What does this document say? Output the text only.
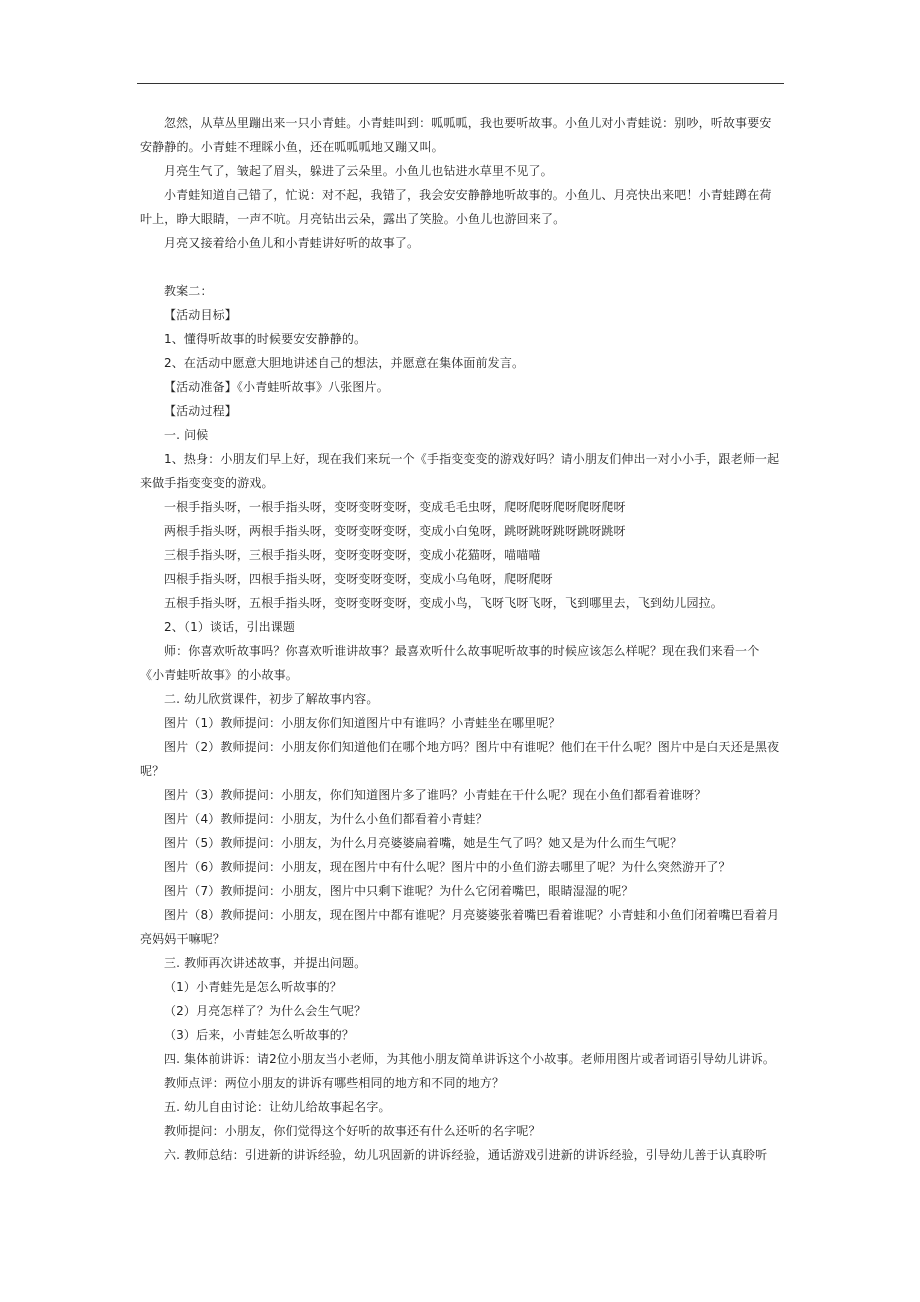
忽然，从草丛里蹦出来一只小青蛙。小青蛙叫到：呱呱呱，我也要听故事。小鱼儿对小青蛙说：别吵，听故事要安安静静的。小青蛙不理睬小鱼，还在呱呱呱地又蹦又叫。

月亮生气了，皱起了眉头，躲进了云朵里。小鱼儿也钻进水草里不见了。

小青蛙知道自己错了，忙说：对不起，我错了，我会安安静静地听故事的。小鱼儿、月亮快出来吧！小青蛙蹲在荷叶上，睁大眼睛，一声不吭。月亮钻出云朵，露出了笑脸。小鱼儿也游回来了。

月亮又接着给小鱼儿和小青蛙讲好听的故事了。

教案二：

【活动目标】

1、懂得听故事的时候要安安静静的。

2、在活动中愿意大胆地讲述自己的想法，并愿意在集体面前发言。

【活动准备】《小青蛙听故事》八张图片。

【活动过程】

一. 问候

1、热身：小朋友们早上好，现在我们来玩一个《手指变变变的游戏好吗？请小朋友们伸出一对小小手，跟老师一起来做手指变变变的游戏。

一根手指头呀，一根手指头呀，变呀变呀变呀，变成毛毛虫呀，爬呀爬呀爬呀爬呀爬呀

两根手指头呀，两根手指头呀，变呀变呀变呀，变成小白兔呀，跳呀跳呀跳呀跳呀跳呀

三根手指头呀，三根手指头呀，变呀变呀变呀，变成小花猫呀，喵喵喵

四根手指头呀，四根手指头呀，变呀变呀变呀，变成小乌龟呀，爬呀爬呀

五根手指头呀，五根手指头呀，变呀变呀变呀，变成小鸟，飞呀飞呀飞呀，飞到哪里去，飞到幼儿园拉。

2、（1）谈话，引出课题

师：你喜欢听故事吗？你喜欢听谁讲故事？最喜欢听什么故事呢听故事的时候应该怎么样呢？现在我们来看一个《小青蛙听故事》的小故事。

二. 幼儿欣赏课件，初步了解故事内容。

图片（1）教师提问：小朋友你们知道图片中有谁吗？小青蛙坐在哪里呢？

图片（2）教师提问：小朋友你们知道他们在哪个地方吗？图片中有谁呢？他们在干什么呢？图片中是白天还是黑夜呢？

图片（3）教师提问：小朋友，你们知道图片多了谁吗？小青蛙在干什么呢？现在小鱼们都看着谁呀？

图片（4）教师提问：小朋友，为什么小鱼们都看着小青蛙？

图片（5）教师提问：小朋友，为什么月亮婆婆扁着嘴，她是生气了吗？她又是为什么而生气呢？

图片（6）教师提问：小朋友，现在图片中有什么呢？图片中的小鱼们游去哪里了呢？为什么突然游开了？

图片（7）教师提问：小朋友，图片中只剩下谁呢？为什么它闭着嘴巴，眼睛湿湿的呢？

图片（8）教师提问：小朋友，现在图片中都有谁呢？月亮婆婆张着嘴巴看着谁呢？小青蛙和小鱼们闭着嘴巴看着月亮妈妈干嘛呢？

三. 教师再次讲述故事，并提出问题。

（1）小青蛙先是怎么听故事的？

（2）月亮怎样了？为什么会生气呢？

（3）后来，小青蛙怎么听故事的？

四. 集体前讲诉：请2位小朋友当小老师，为其他小朋友简单讲诉这个小故事。老师用图片或者词语引导幼儿讲诉。

教师点评：两位小朋友的讲诉有哪些相同的地方和不同的地方？

五. 幼儿自由讨论：让幼儿给故事起名字。

教师提问：小朋友，你们觉得这个好听的故事还有什么还听的名字呢？

六. 教师总结：引进新的讲诉经验，幼儿巩固新的讲诉经验，通话游戏引进新的讲诉经验，引导幼儿善于认真聆听
